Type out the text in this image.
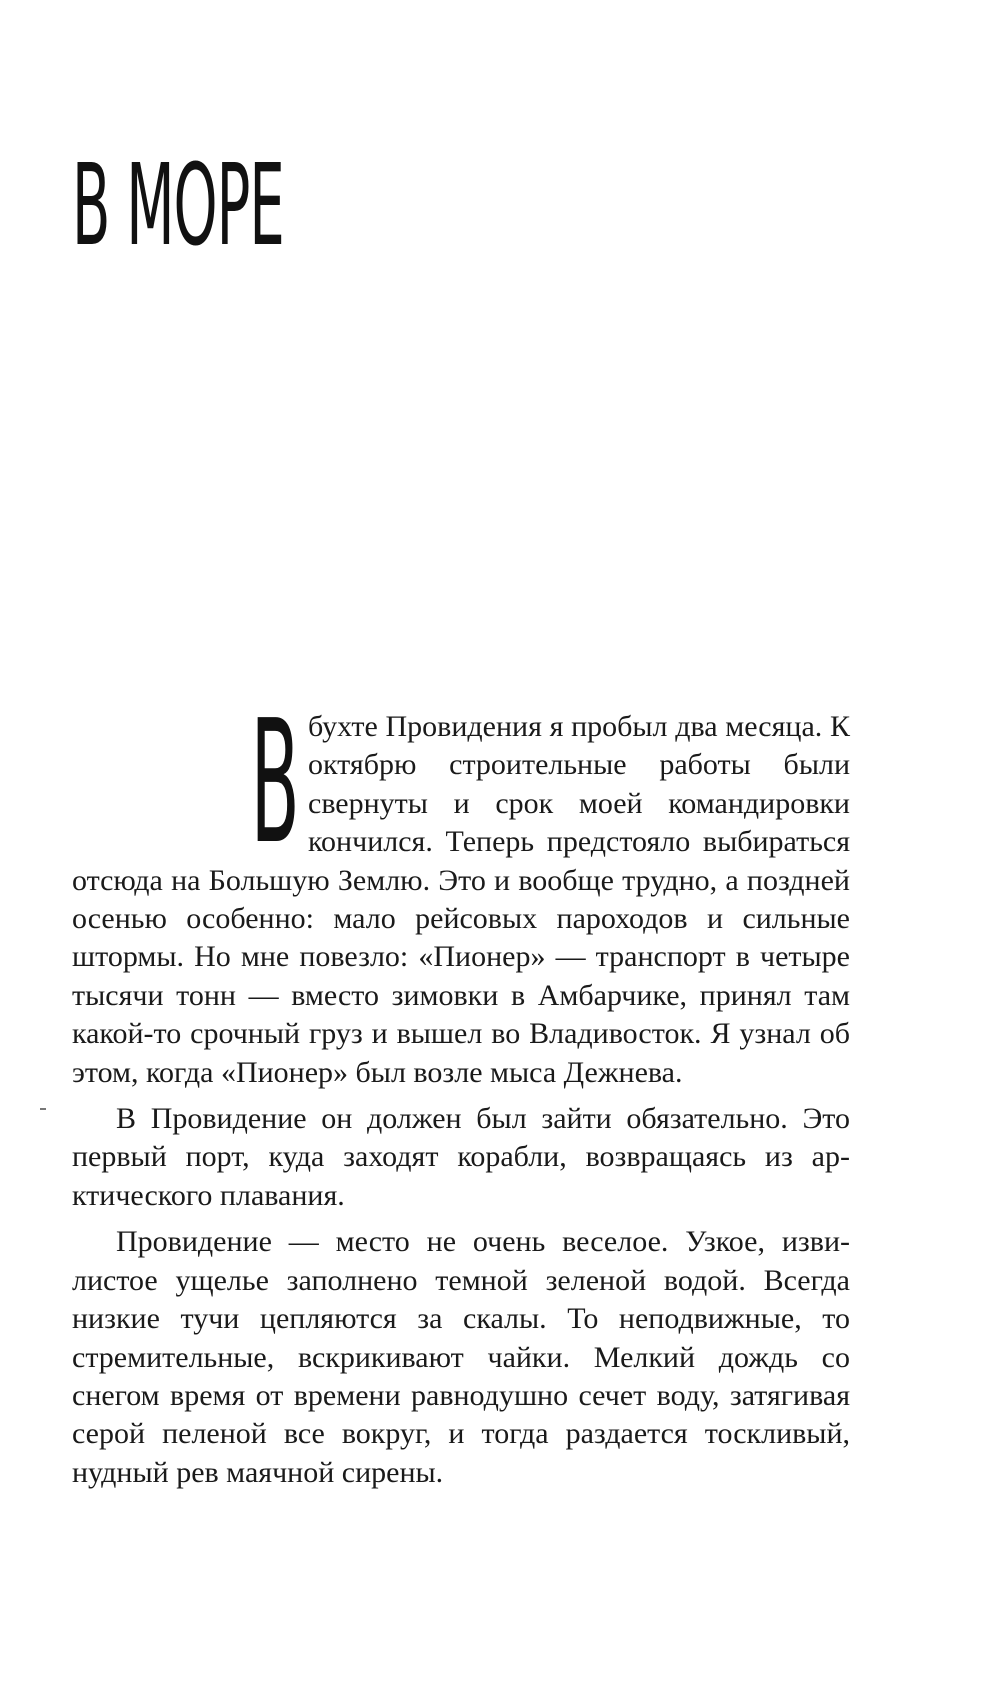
В МОРЕ

В бухте Провидения я пробыл два месяца. К октябрю строительные работы были свернуты и срок моей командировки кончился. Теперь предстояло выбираться отсюда на Большую Землю. Это и вообще трудно, а поздней осенью особенно: мало рейсовых пароходов и сильные штормы. Но мне повезло: «Пионер» — транспорт в четыре тысячи тонн — вместо зимовки в Амбарчике, принял там какой-то срочный груз и вышел во Владивосток. Я узнал об этом, когда «Пионер» был возле мыса Дежнева.

В Провидение он должен был зайти обязательно. Это первый порт, куда заходят корабли, возвращаясь из арктического плавания.

Провидение — место не очень веселое. Узкое, извилистое ущелье заполнено темной зеленой водой. Всегда низкие тучи цепляются за скалы. То неподвижные, то стремительные, вскрикивают чайки. Мелкий дождь со снегом время от времени равнодушно сечет воду, затягивая серой пеленой все вокруг, и тогда раздается тоскливый, нудный рев маячной сирены.
